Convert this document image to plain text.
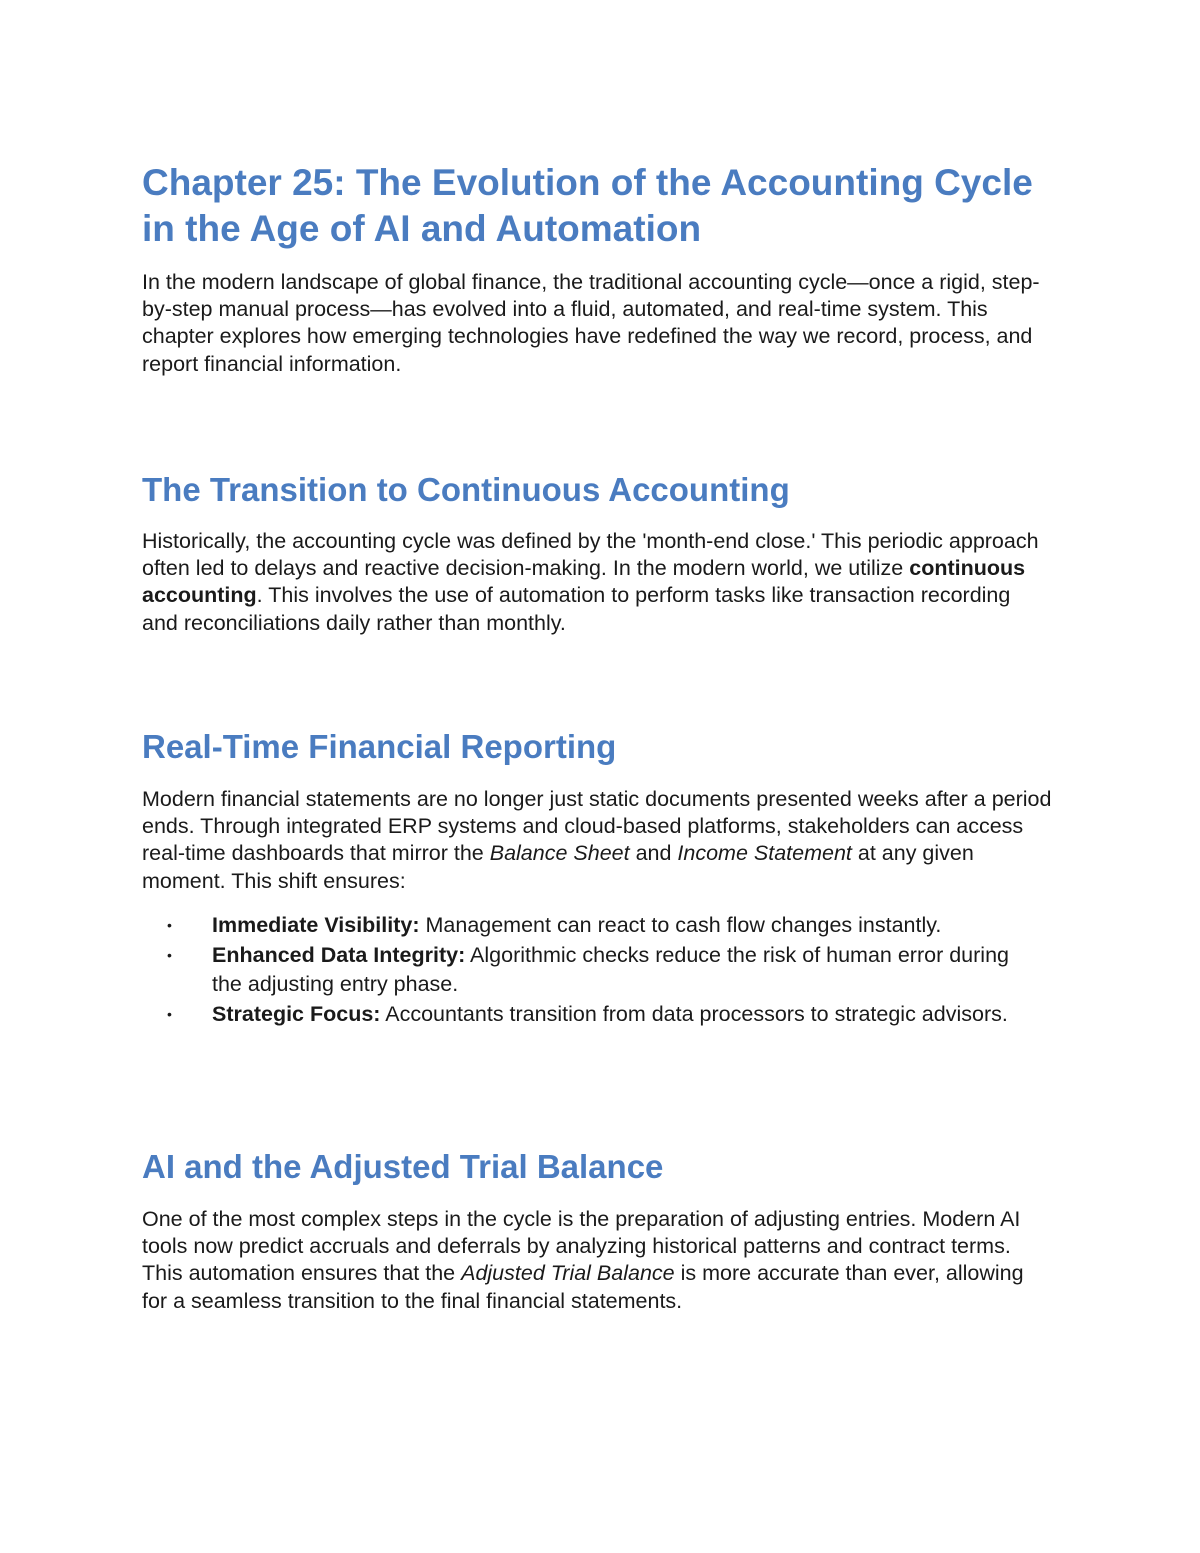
Chapter 25: The Evolution of the Accounting Cycle in the Age of AI and Automation

In the modern landscape of global finance, the traditional accounting cycle—once a rigid, step-by-step manual process—has evolved into a fluid, automated, and real-time system. This chapter explores how emerging technologies have redefined the way we record, process, and report financial information.

The Transition to Continuous Accounting

Historically, the accounting cycle was defined by the 'month-end close.' This periodic approach often led to delays and reactive decision-making. In the modern world, we utilize continuous accounting. This involves the use of automation to perform tasks like transaction recording and reconciliations daily rather than monthly.

Real-Time Financial Reporting

Modern financial statements are no longer just static documents presented weeks after a period ends. Through integrated ERP systems and cloud-based platforms, stakeholders can access real-time dashboards that mirror the Balance Sheet and Income Statement at any given moment. This shift ensures:

• Immediate Visibility: Management can react to cash flow changes instantly.
• Enhanced Data Integrity: Algorithmic checks reduce the risk of human error during the adjusting entry phase.
• Strategic Focus: Accountants transition from data processors to strategic advisors.
AI and the Adjusted Trial Balance

One of the most complex steps in the cycle is the preparation of adjusting entries. Modern AI tools now predict accruals and deferrals by analyzing historical patterns and contract terms. This automation ensures that the Adjusted Trial Balance is more accurate than ever, allowing for a seamless transition to the final financial statements.
